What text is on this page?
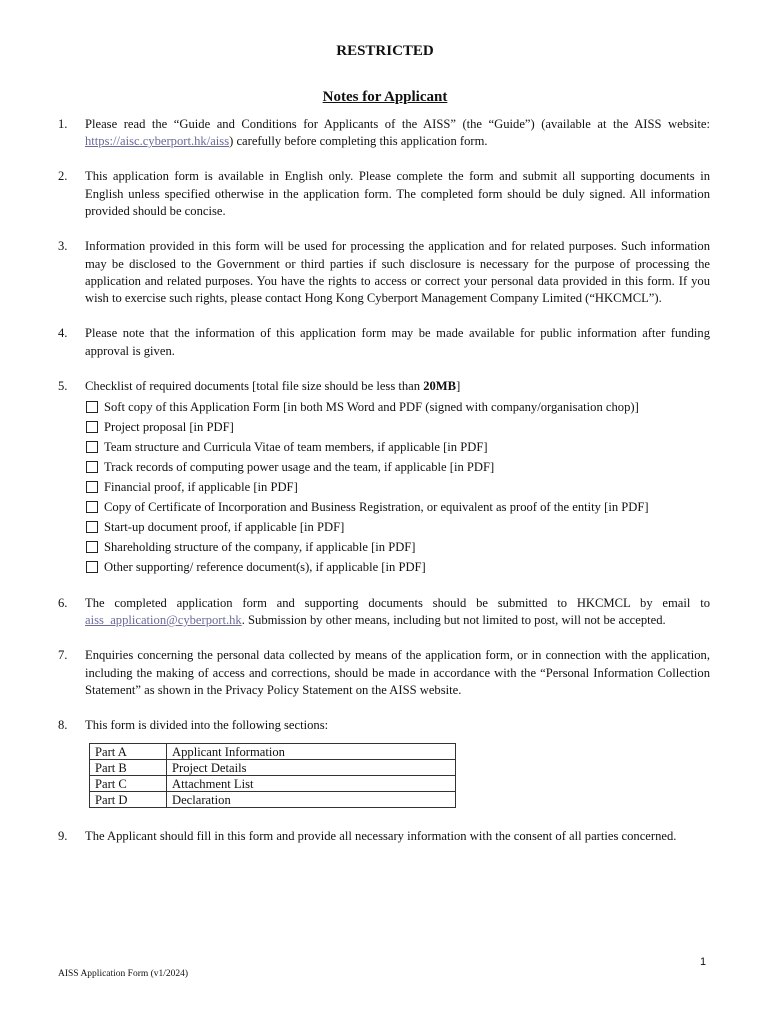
RESTRICTED
Notes for Applicant
1.	Please read the “Guide and Conditions for Applicants of the AISS” (the “Guide”) (available at the AISS website: https://aisc.cyberport.hk/aiss) carefully before completing this application form.
2.	This application form is available in English only. Please complete the form and submit all supporting documents in English unless specified otherwise in the application form. The completed form should be duly signed. All information provided should be concise.
3.	Information provided in this form will be used for processing the application and for related purposes. Such information may be disclosed to the Government or third parties if such disclosure is necessary for the purpose of processing the application and related purposes. You have the rights to access or correct your personal data provided in this form. If you wish to exercise such rights, please contact Hong Kong Cyberport Management Company Limited (“HKCMCL”).
4.	Please note that the information of this application form may be made available for public information after funding approval is given.
5.	Checklist of required documents [total file size should be less than 20MB]
Soft copy of this Application Form [in both MS Word and PDF (signed with company/organisation chop)]
Project proposal [in PDF]
Team structure and Curricula Vitae of team members, if applicable [in PDF]
Track records of computing power usage and the team, if applicable [in PDF]
Financial proof, if applicable [in PDF]
Copy of Certificate of Incorporation and Business Registration, or equivalent as proof of the entity [in PDF]
Start-up document proof, if applicable [in PDF]
Shareholding structure of the company, if applicable [in PDF]
Other supporting/ reference document(s), if applicable [in PDF]
6.	The completed application form and supporting documents should be submitted to HKCMCL by email to aiss_application@cyberport.hk. Submission by other means, including but not limited to post, will not be accepted.
7.	Enquiries concerning the personal data collected by means of the application form, or in connection with the application, including the making of access and corrections, should be made in accordance with the “Personal Information Collection Statement” as shown in the Privacy Policy Statement on the AISS website.
8.	This form is divided into the following sections:
Part A	Applicant Information
Part B	Project Details
Part C	Attachment List
Part D	Declaration
9.	The Applicant should fill in this form and provide all necessary information with the consent of all parties concerned.
1
AISS Application Form (v1/2024)
